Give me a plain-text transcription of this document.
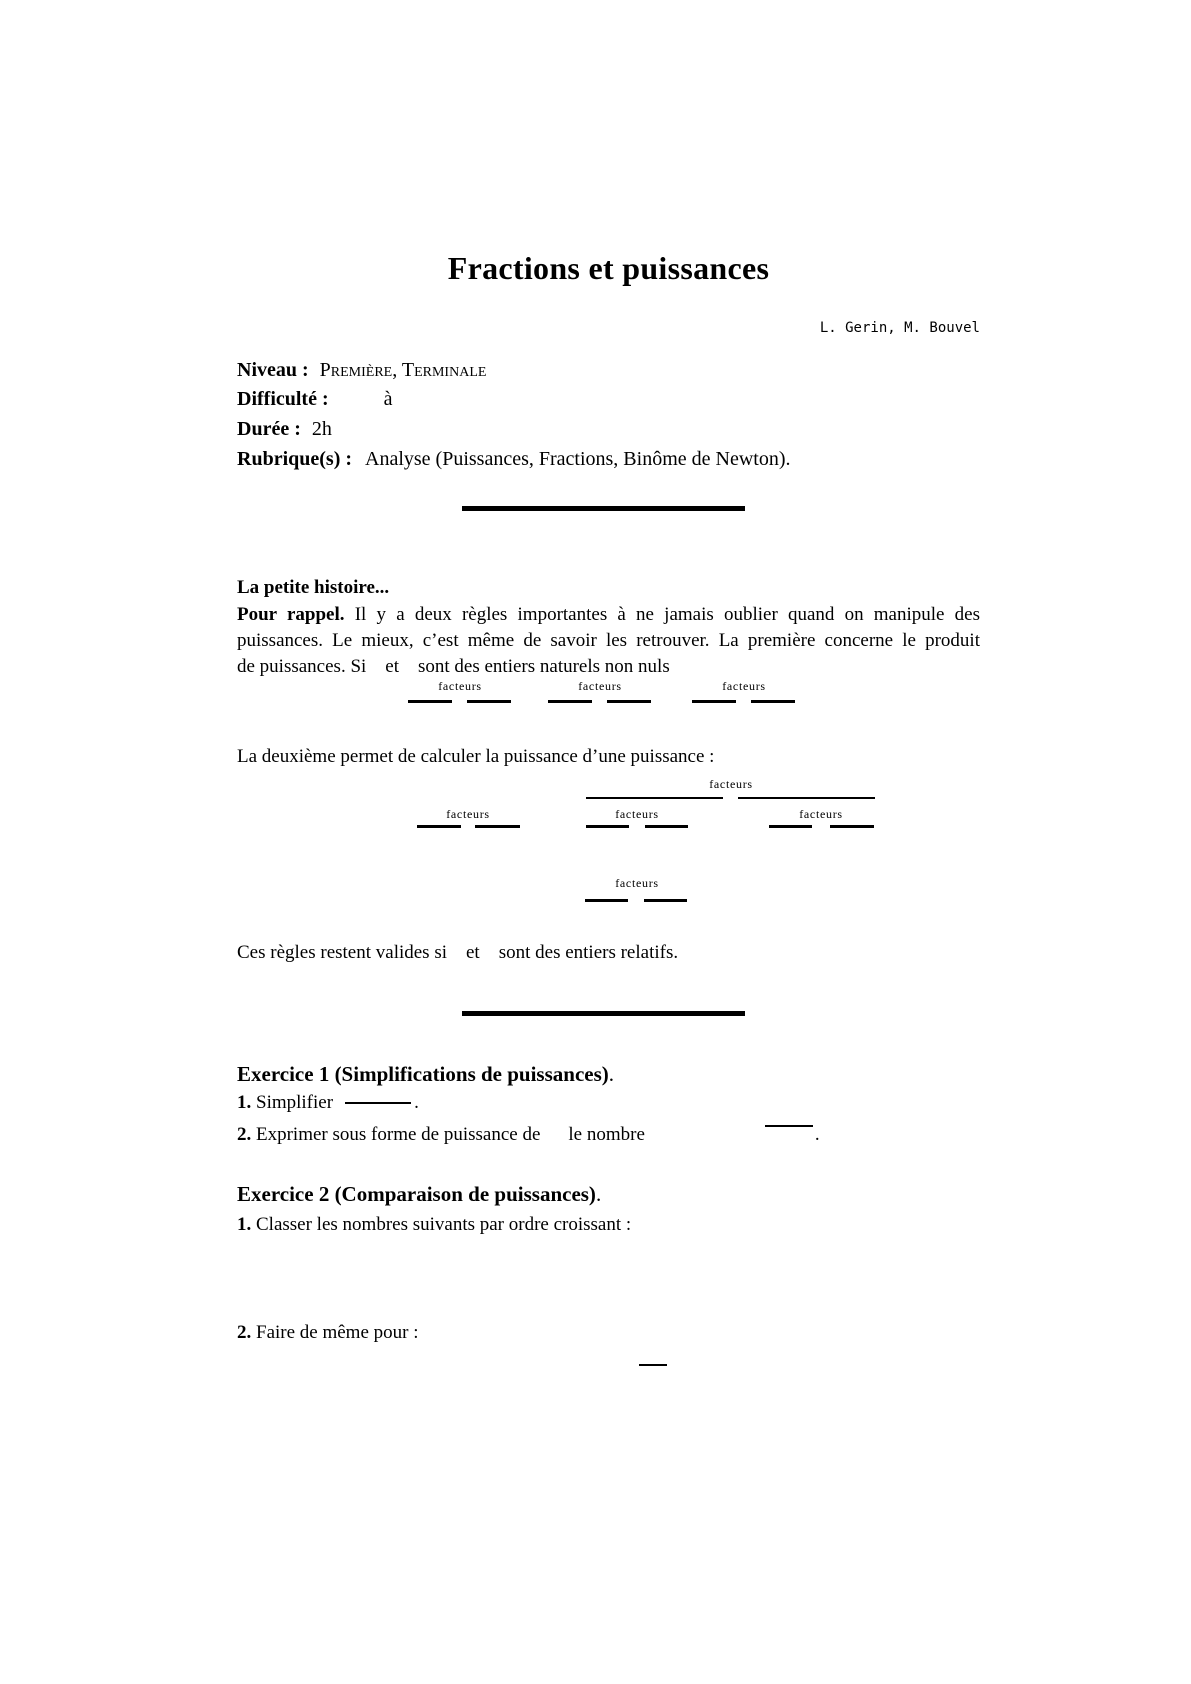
Fractions et puissances
L. Gerin, M. Bouvel
Niveau : Première, Terminale
Difficulté :	à
Durée : 2h
Rubrique(s) : Analyse (Puissances, Fractions, Binôme de Newton).
La petite histoire...
Pour rappel. Il y a deux règles importantes à ne jamais oublier quand on manipule des
puissances. Le mieux, c’est même de savoir les retrouver. La première concerne le produit
de puissances. Si    et    sont des entiers naturels non nuls
facteurs	facteurs	facteurs
La deuxième permet de calculer la puissance d’une puissance :
facteurs
facteurs	facteurs	facteurs
facteurs
Ces règles restent valides si    et    sont des entiers relatifs.
Exercice 1 (Simplifications de puissances).
1. Simplifier	.
2. Exprimer sous forme de puissance de le nombre	.
Exercice 2 (Comparaison de puissances).
1. Classer les nombres suivants par ordre croissant :
2. Faire de même pour :
